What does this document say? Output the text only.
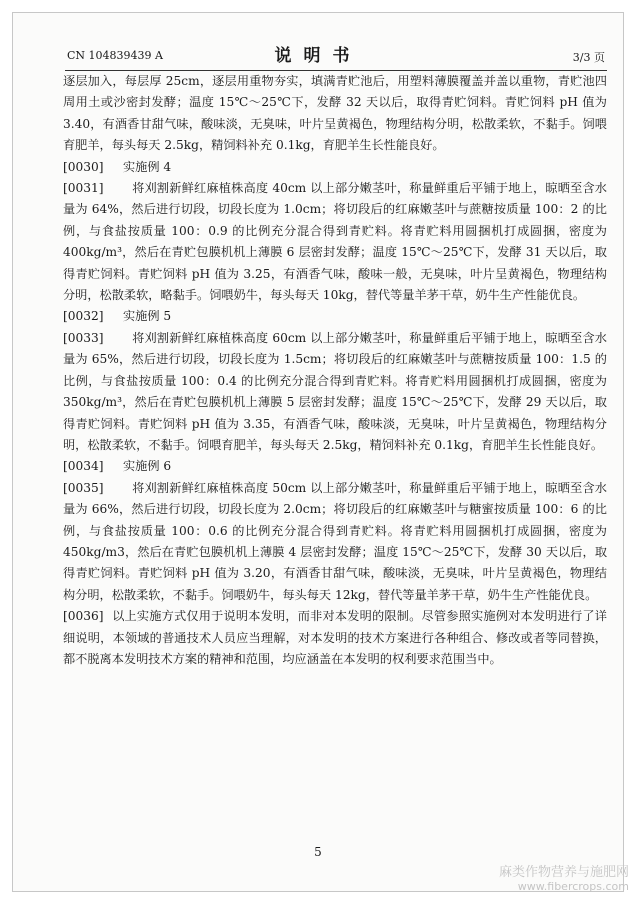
CN 104839439 A	说明书	3/3 页

逐层加入，每层厚 25cm，逐层用重物夯实，填满青贮池后，用塑料薄膜覆盖并盖以重物，青贮池四周用土或沙密封发酵；温度 15℃～25℃下，发酵 32 天以后，取得青贮饲料。青贮饲料 pH 值为 3.40，有酒香甘甜气味，酸味淡，无臭味，叶片呈黄褐色，物理结构分明，松散柔软，不黏手。饲喂育肥羊，每头每天 2.5kg，精饲料补充 0.1kg，育肥羊生长性能良好。

[0030] 实施例 4

[0031] 将刈割新鲜红麻植株高度 40cm 以上部分嫩茎叶，称量鲜重后平铺于地上，晾晒至含水量为 64%，然后进行切段，切段长度为 1.0cm；将切段后的红麻嫩茎叶与蔗糖按质量 100：2 的比例，与食盐按质量 100：0.9 的比例充分混合得到青贮料。将青贮料用圆捆机打成圆捆，密度为 400kg/m³，然后在青贮包膜机机上薄膜 6 层密封发酵；温度 15℃～25℃下，发酵 31 天以后，取得青贮饲料。青贮饲料 pH 值为 3.25，有酒香气味，酸味一般，无臭味，叶片呈黄褐色，物理结构分明，松散柔软，略黏手。饲喂奶牛，每头每天 10kg，替代等量羊茅干草，奶牛生产性能优良。

[0032] 实施例 5

[0033] 将刈割新鲜红麻植株高度 60cm 以上部分嫩茎叶，称量鲜重后平铺于地上，晾晒至含水量为 65%，然后进行切段，切段长度为 1.5cm；将切段后的红麻嫩茎叶与蔗糖按质量 100：1.5 的比例，与食盐按质量 100：0.4 的比例充分混合得到青贮料。将青贮料用圆捆机打成圆捆，密度为 350kg/m³，然后在青贮包膜机机上薄膜 5 层密封发酵；温度 15℃～25℃下，发酵 29 天以后，取得青贮饲料。青贮饲料 pH 值为 3.35，有酒香气味，酸味淡，无臭味，叶片呈黄褐色，物理结构分明，松散柔软，不黏手。饲喂育肥羊，每头每天 2.5kg，精饲料补充 0.1kg，育肥羊生长性能良好。

[0034] 实施例 6

[0035] 将刈割新鲜红麻植株高度 50cm 以上部分嫩茎叶，称量鲜重后平铺于地上，晾晒至含水量为 66%，然后进行切段，切段长度为 2.0cm；将切段后的红麻嫩茎叶与糖蜜按质量 100：6 的比例，与食盐按质量 100：0.6 的比例充分混合得到青贮料。将青贮料用圆捆机打成圆捆，密度为 450kg/m3，然后在青贮包膜机机上薄膜 4 层密封发酵；温度 15℃～25℃下，发酵 30 天以后，取得青贮饲料。青贮饲料 pH 值为 3.20，有酒香甘甜气味，酸味淡，无臭味，叶片呈黄褐色，物理结构分明，松散柔软，不黏手。饲喂奶牛，每头每天 12kg，替代等量羊茅干草，奶牛生产性能优良。

[0036] 以上实施方式仅用于说明本发明，而非对本发明的限制。尽管参照实施例对本发明进行了详细说明，本领域的普通技术人员应当理解，对本发明的技术方案进行各种组合、修改或者等同替换，都不脱离本发明技术方案的精神和范围，均应涵盖在本发明的权利要求范围当中。

5
麻类作物营养与施肥网
www.fibercrops.com
